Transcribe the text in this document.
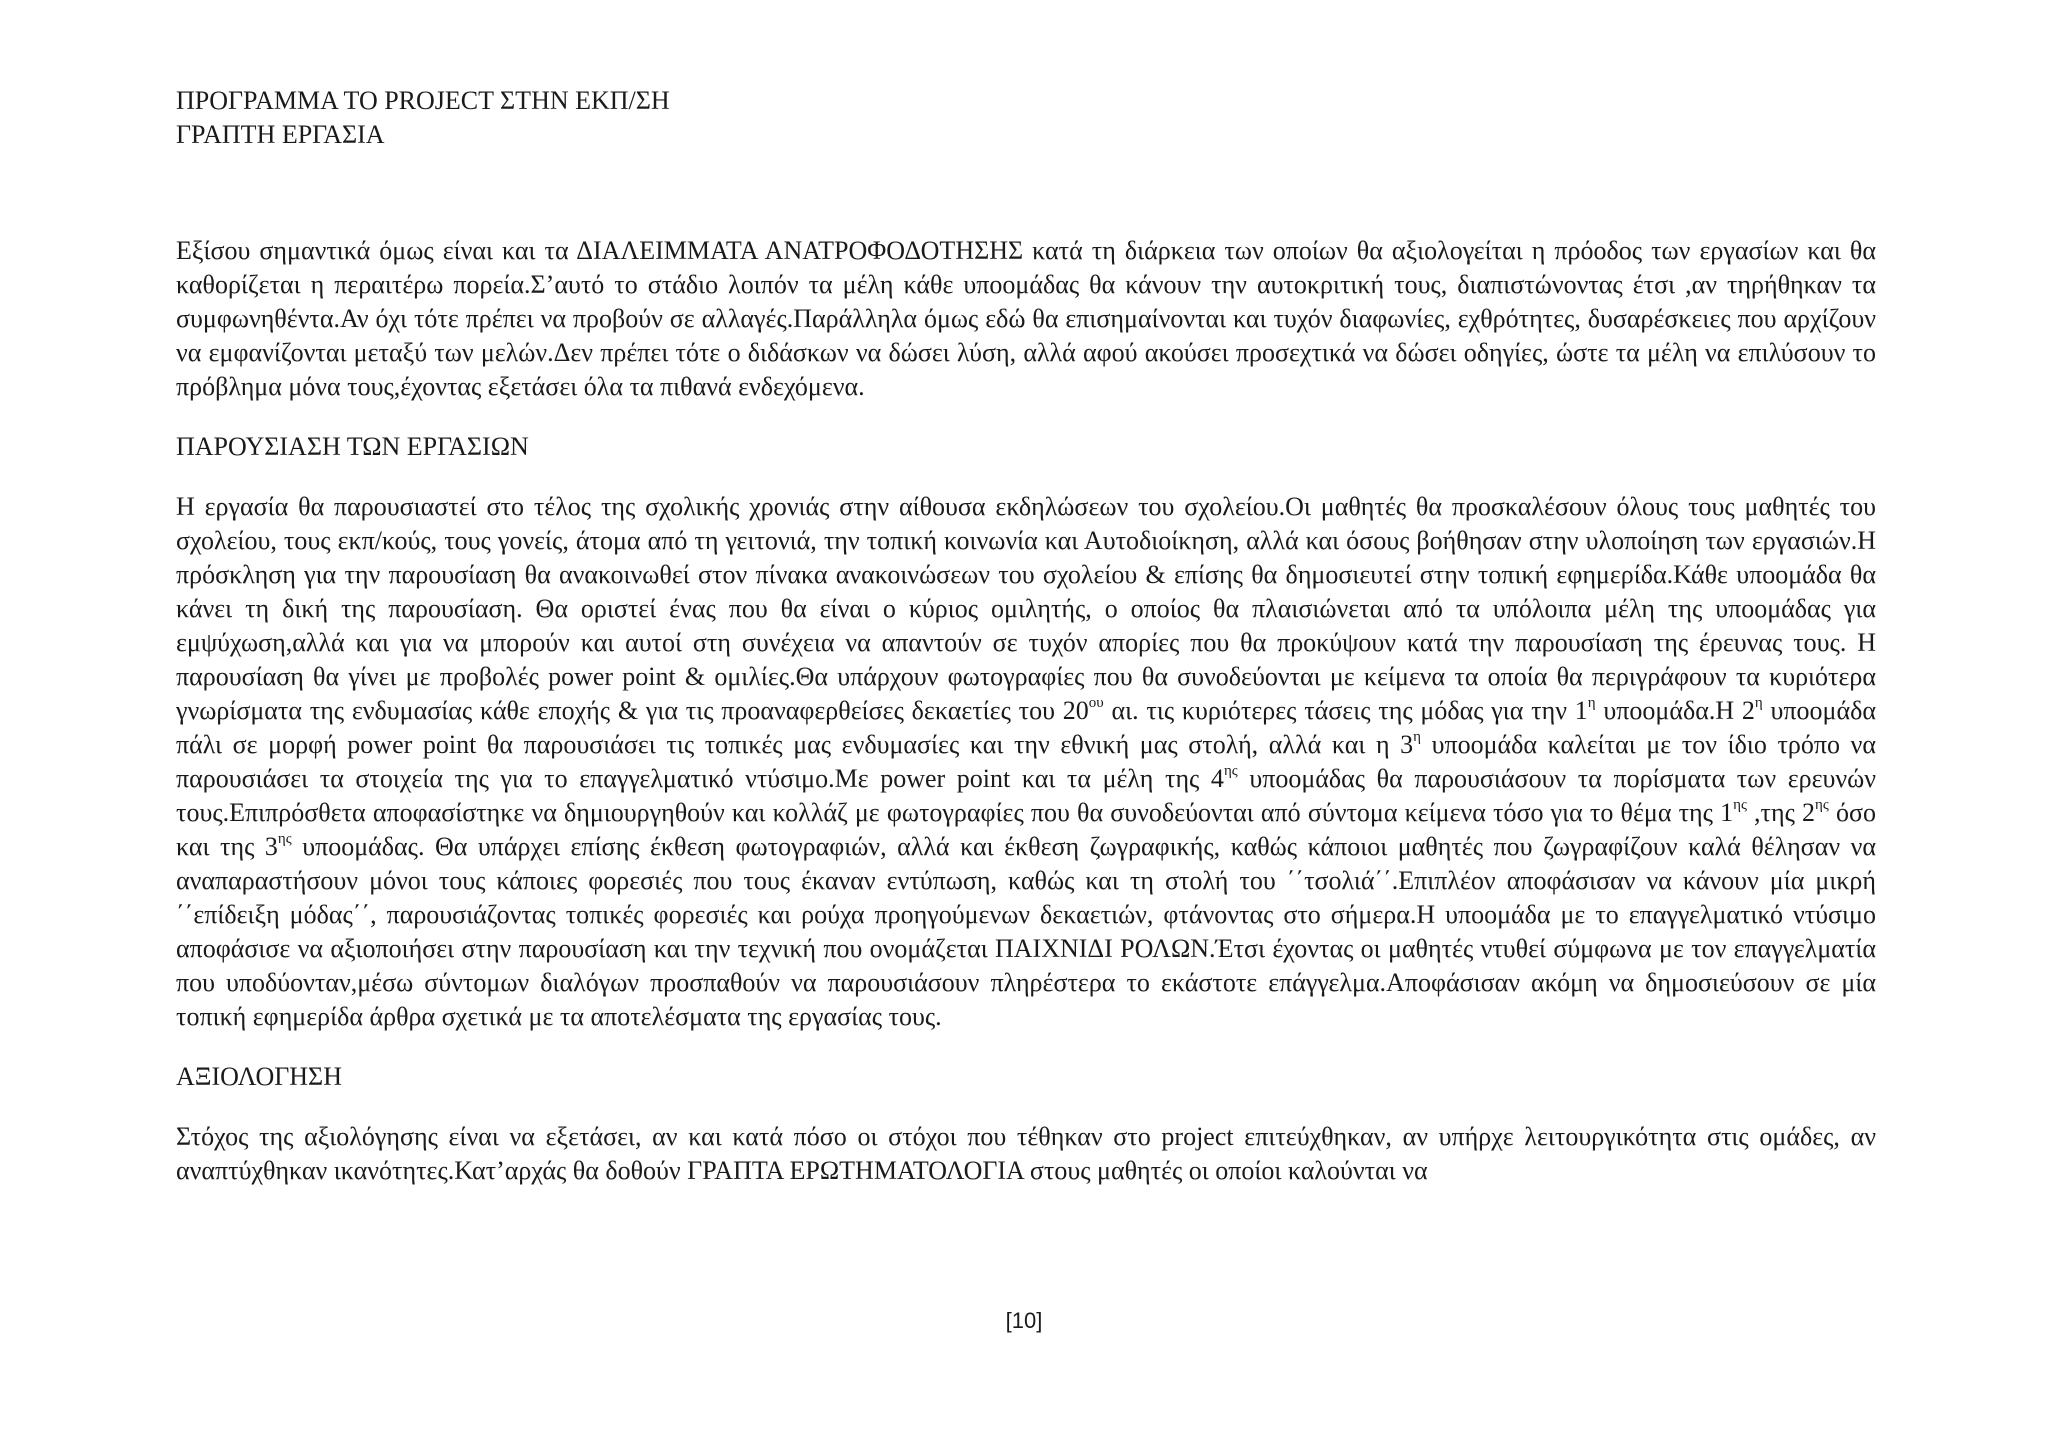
ΠΡΟΓΡΑΜΜΑ ΤΟ PROJECT ΣΤΗΝ ΕΚΠ/ΣΗ

ΓΡΑΠΤΗ ΕΡΓΑΣΙΑ

Εξίσου σημαντικά όμως είναι και τα ΔΙΑΛΕΙΜΜΑΤΑ ΑΝΑΤΡΟΦΟΔΟΤΗΣΗΣ κατά τη διάρκεια των οποίων θα αξιολογείται η πρόοδος των εργασίων και θα καθορίζεται η περαιτέρω πορεία.Σ’αυτό το στάδιο λοιπόν τα μέλη κάθε υποομάδας θα κάνουν την αυτοκριτική τους, διαπιστώνοντας έτσι ,αν τηρήθηκαν τα συμφωνηθέντα.Αν όχι τότε πρέπει να προβούν σε αλλαγές.Παράλληλα όμως εδώ θα επισημαίνονται και τυχόν διαφωνίες, εχθρότητες, δυσαρέσκειες που αρχίζουν να εμφανίζονται μεταξύ των μελών.Δεν πρέπει τότε ο διδάσκων να δώσει λύση, αλλά αφού ακούσει προσεχτικά να δώσει οδηγίες, ώστε τα μέλη να επιλύσουν το πρόβλημα μόνα τους,έχοντας εξετάσει όλα τα πιθανά ενδεχόμενα.

ΠΑΡΟΥΣΙΑΣΗ ΤΩΝ ΕΡΓΑΣΙΩΝ

Η εργασία θα παρουσιαστεί στο τέλος της σχολικής χρονιάς στην αίθουσα εκδηλώσεων του σχολείου.Οι μαθητές θα προσκαλέσουν όλους τους μαθητές του σχολείου, τους εκπ/κούς, τους γονείς, άτομα από τη γειτονιά, την τοπική κοινωνία και Αυτοδιοίκηση, αλλά και όσους βοήθησαν στην υλοποίηση των εργασιών.Η πρόσκληση για την παρουσίαση θα ανακοινωθεί στον πίνακα ανακοινώσεων του σχολείου & επίσης θα δημοσιευτεί στην τοπική εφημερίδα.Κάθε υποομάδα θα κάνει τη δική της παρουσίαση. Θα οριστεί ένας που θα είναι ο κύριος ομιλητής, ο οποίος θα πλαισιώνεται από τα υπόλοιπα μέλη της υποομάδας για εμψύχωση,αλλά και για να μπορούν και αυτοί στη συνέχεια να απαντούν σε τυχόν απορίες που θα προκύψουν κατά την παρουσίαση της έρευνας τους. Η παρουσίαση θα γίνει με προβολές power point & ομιλίες.Θα υπάρχουν φωτογραφίες που θα συνοδεύονται με κείμενα τα οποία θα περιγράφουν τα κυριότερα γνωρίσματα της ενδυμασίας κάθε εποχής & για τις προαναφερθείσες δεκαετίες του $20^{o\upsilon}$ αι. τις κυριότερες τάσεις της μόδας για την $1^\eta$ υποομάδα.Η $2^\eta$ υποομάδα πάλι σε μορφή power point θα παρουσιάσει τις τοπικές μας ενδυμασίες και την εθνική μας στολή, αλλά και η $3^\eta$ υποομάδα καλείται με τον ίδιο τρόπο να παρουσιάσει τα στοιχεία της για το επαγγελματικό ντύσιμο.Με power point και τα μέλη της $4^{\eta\varsigma}$ υποομάδας θα παρουσιάσουν τα πορίσματα των ερευνών τους.Επιπρόσθετα αποφασίστηκε να δημιουργηθούν και κολλάζ με φωτογραφίες που θα συνοδεύονται από σύντομα κείμενα τόσο για το θέμα της $1^{\eta\varsigma}$ ,της $2^{\eta\varsigma}$ όσο και της $3^{\eta\varsigma}$ υποομάδας. Θα υπάρχει επίσης έκθεση φωτογραφιών, αλλά και έκθεση ζωγραφικής, καθώς κάποιοι μαθητές που ζωγραφίζουν καλά θέλησαν να αναπαραστήσουν μόνοι τους κάποιες φορεσιές που τους έκαναν εντύπωση, καθώς και τη στολή του ΄΄τσολιά΄΄.Επιπλέον αποφάσισαν να κάνουν μία μικρή ΄΄επίδειξη μόδας΄΄, παρουσιάζοντας τοπικές φορεσιές και ρούχα προηγούμενων δεκαετιών, φτάνοντας στο σήμερα.Η υποομάδα με το επαγγελματικό ντύσιμο αποφάσισε να αξιοποιήσει στην παρουσίαση και την τεχνική που ονομάζεται ΠΑΙΧΝΙΔΙ ΡΟΛΩΝ.Έτσι έχοντας οι μαθητές ντυθεί σύμφωνα με τον επαγγελματία που υποδύονταν,μέσω σύντομων διαλόγων προσπαθούν να παρουσιάσουν πληρέστερα το εκάστοτε επάγγελμα.Αποφάσισαν ακόμη να δημοσιεύσουν σε μία τοπική εφημερίδα άρθρα σχετικά με τα αποτελέσματα της εργασίας τους.

ΑΞΙΟΛΟΓΗΣΗ

Στόχος της αξιολόγησης είναι να εξετάσει, αν και κατά πόσο οι στόχοι που τέθηκαν στο project επιτεύχθηκαν, αν υπήρχε λειτουργικότητα στις ομάδες, αν αναπτύχθηκαν ικανότητες.Κατ’αρχάς θα δοθούν ΓΡΑΠΤΑ ΕΡΩΤΗΜΑΤΟΛΟΓΙΑ στους μαθητές οι οποίοι καλούνται να

[10]
